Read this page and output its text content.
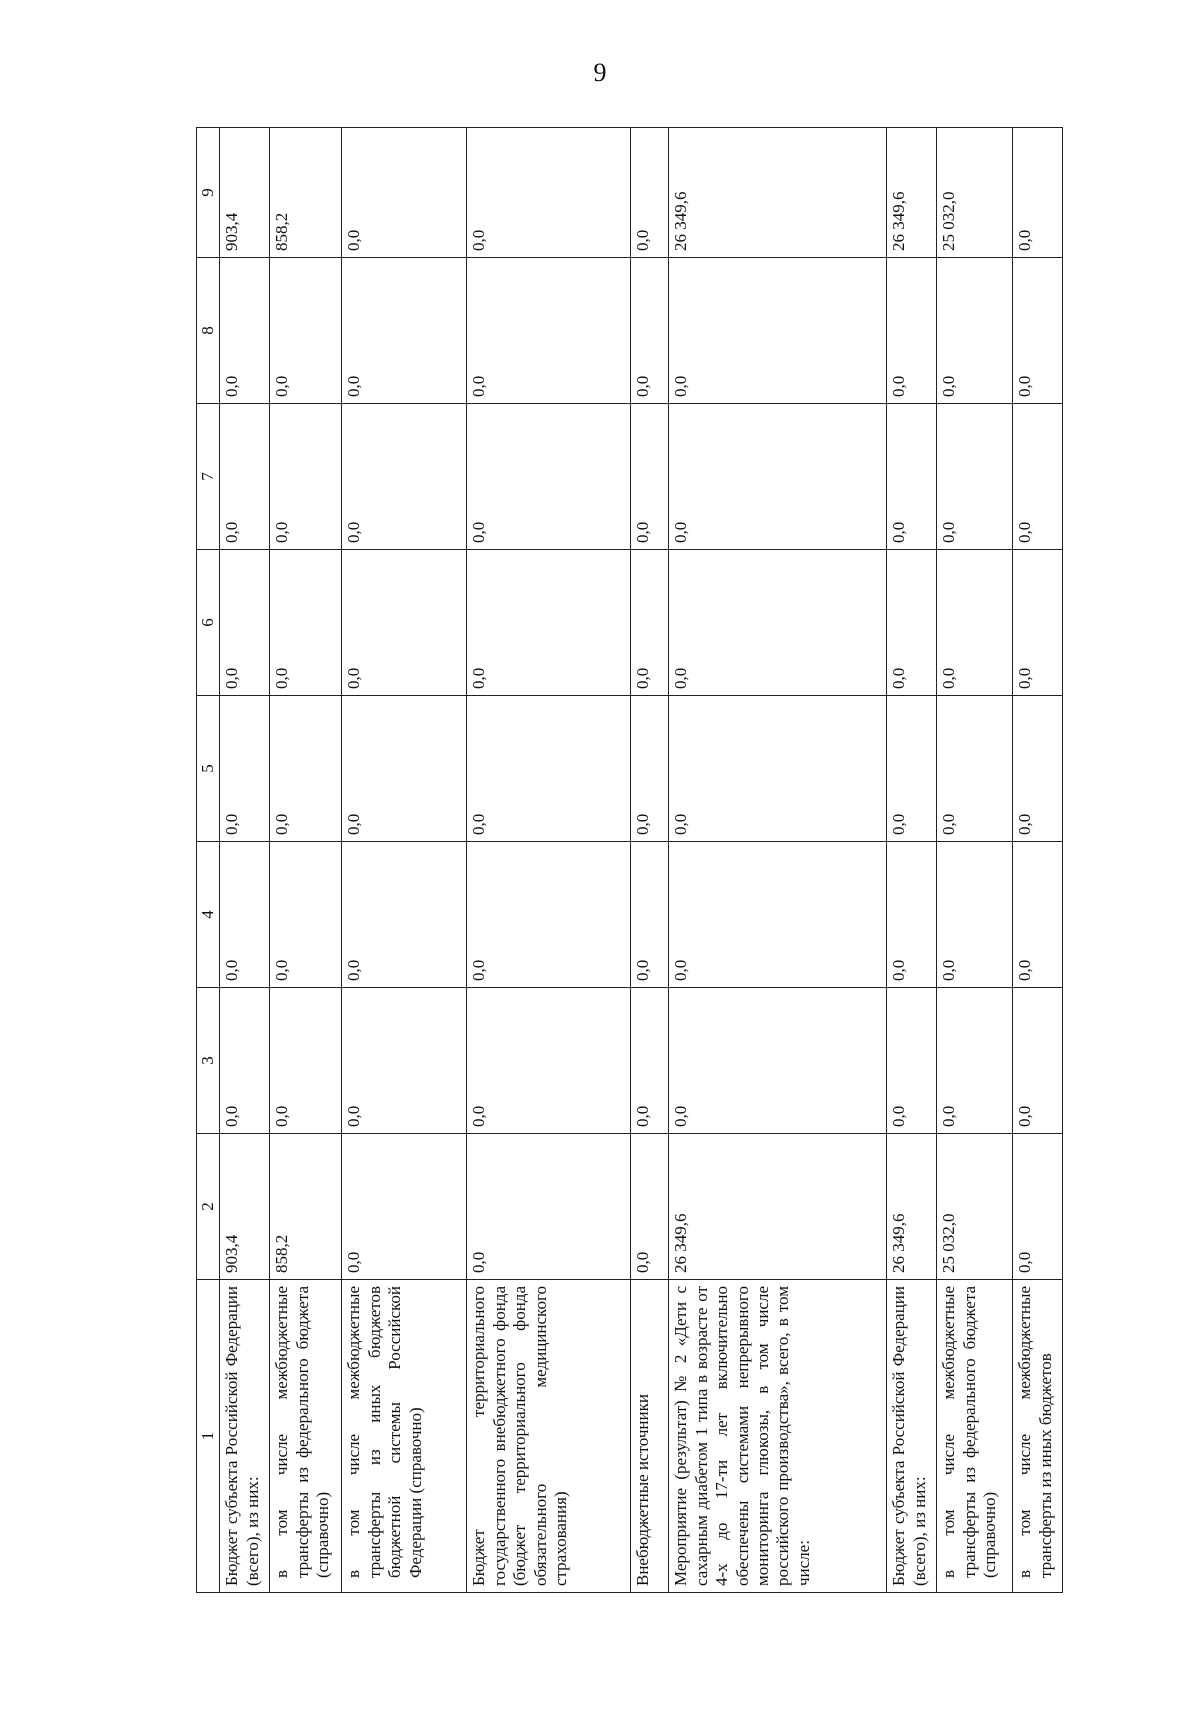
9
1	2	3	4	5	6	7	8	9
Бюджет субъекта Российской Федерации (всего), из них:	903,4	0,0	0,0	0,0	0,0	0,0	0,0	903,4
в том числе межбюджетные трансферты из федерального бюджета (справочно)	858,2	0,0	0,0	0,0	0,0	0,0	0,0	858,2
в том числе межбюджетные трансферты из иных бюджетов бюджетной системы Российской Федерации (справочно)	0,0	0,0	0,0	0,0	0,0	0,0	0,0	0,0
Бюджет территориального государственного внебюджетного фонда (бюджет территориального фонда обязательного медицинского страхования)	0,0	0,0	0,0	0,0	0,0	0,0	0,0	0,0
Внебюджетные источники	0,0	0,0	0,0	0,0	0,0	0,0	0,0	0,0
Мероприятие (результат) № 2 «Дети с сахарным диабетом 1 типа в возрасте от 4-х до 17-ти лет включительно обеспечены системами непрерывного мониторинга глюкозы, в том числе российского производства», всего, в том числе:	26 349,6	0,0	0,0	0,0	0,0	0,0	0,0	26 349,6
Бюджет субъекта Российской Федерации (всего), из них:	26 349,6	0,0	0,0	0,0	0,0	0,0	0,0	26 349,6
в том числе межбюджетные трансферты из федерального бюджета (справочно)	25 032,0	0,0	0,0	0,0	0,0	0,0	0,0	25 032,0
в том числе межбюджетные трансферты из иных бюджетов	0,0	0,0	0,0	0,0	0,0	0,0	0,0	0,0
